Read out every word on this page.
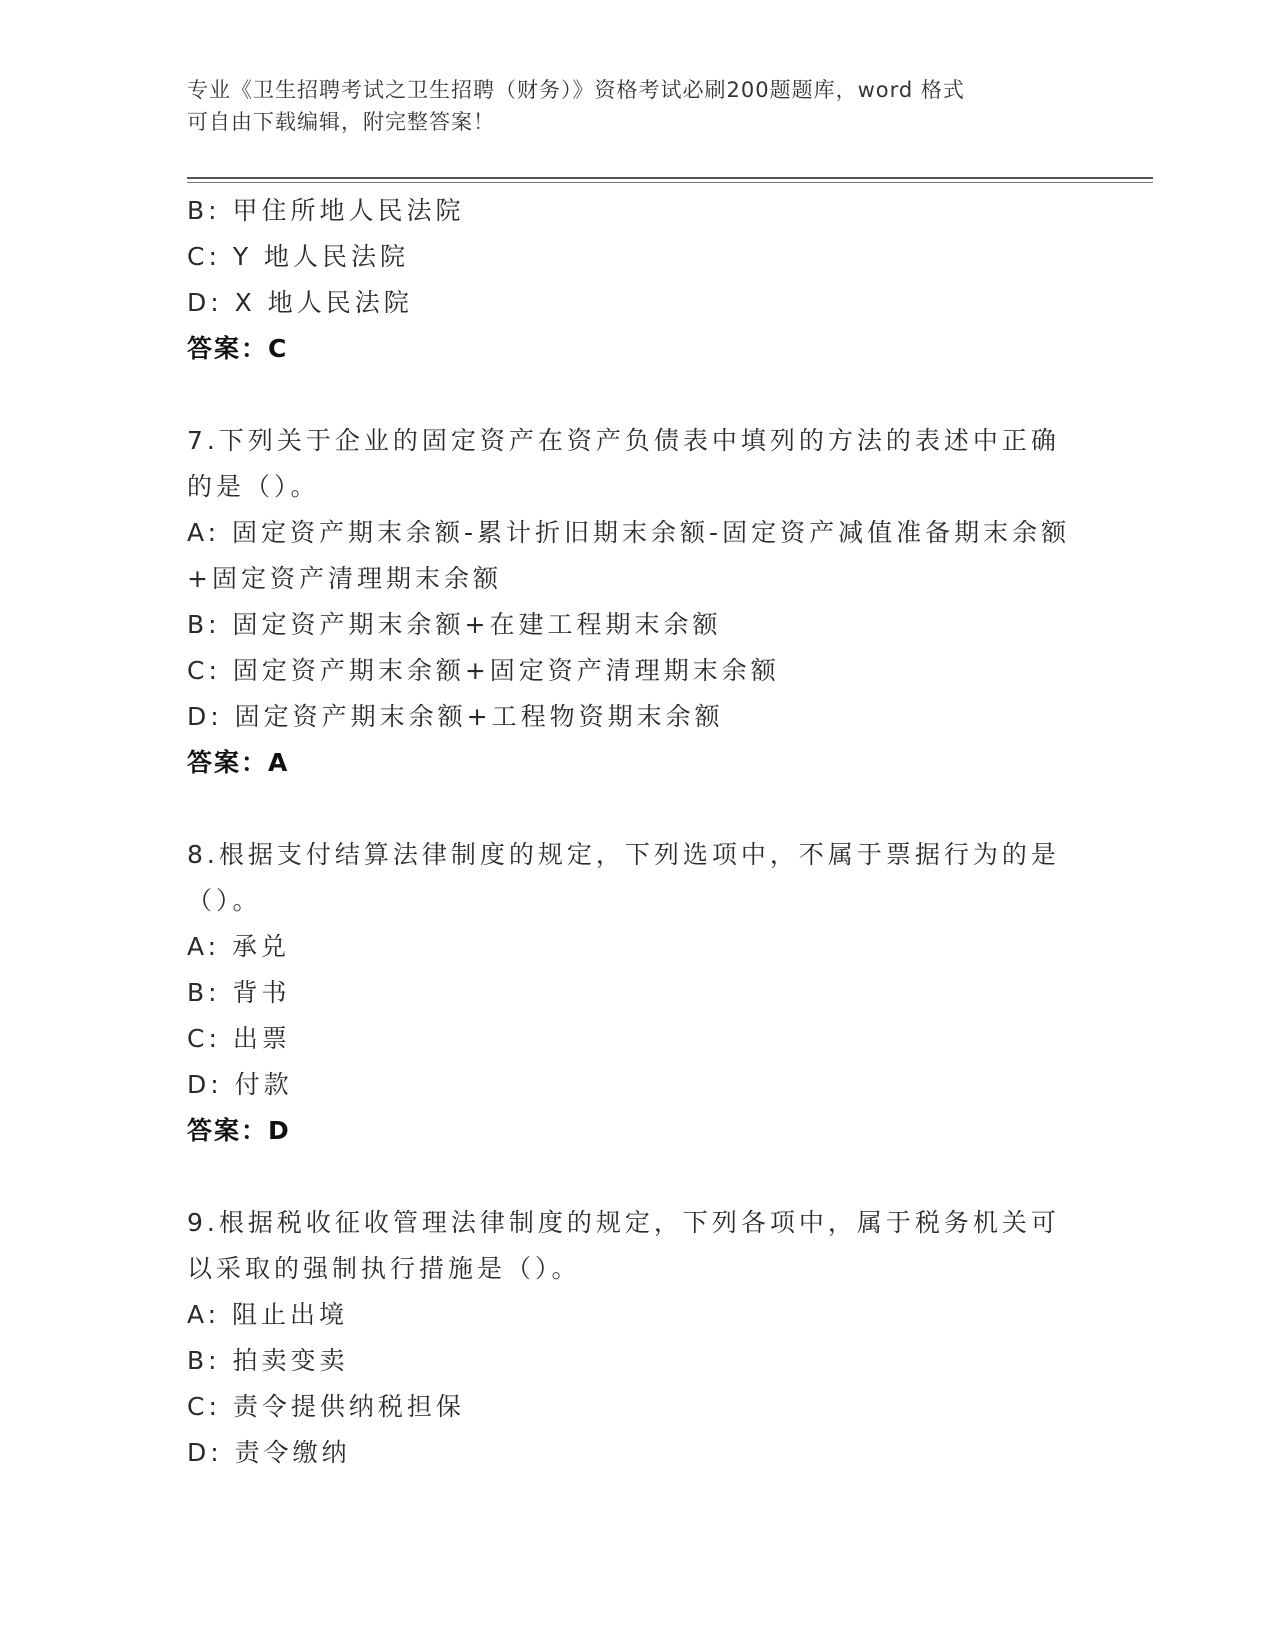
专业《卫生招聘考试之卫生招聘（财务）》资格考试必刷200题题库，word 格式
可自由下载编辑，附完整答案！
B: 甲住所地人民法院
C: Y 地人民法院
D: X 地人民法院
答案：C
7.下列关于企业的固定资产在资产负债表中填列的方法的表述中正确
的是（）。
A: 固定资产期末余额-累计折旧期末余额-固定资产减值准备期末余额
+固定资产清理期末余额
B: 固定资产期末余额+在建工程期末余额
C: 固定资产期末余额+固定资产清理期末余额
D: 固定资产期末余额+工程物资期末余额
答案：A
8.根据支付结算法律制度的规定，下列选项中，不属于票据行为的是
（）。
A: 承兑
B: 背书
C: 出票
D: 付款
答案：D
9.根据税收征收管理法律制度的规定，下列各项中，属于税务机关可
以采取的强制执行措施是（）。
A: 阻止出境
B: 拍卖变卖
C: 责令提供纳税担保
D: 责令缴纳
